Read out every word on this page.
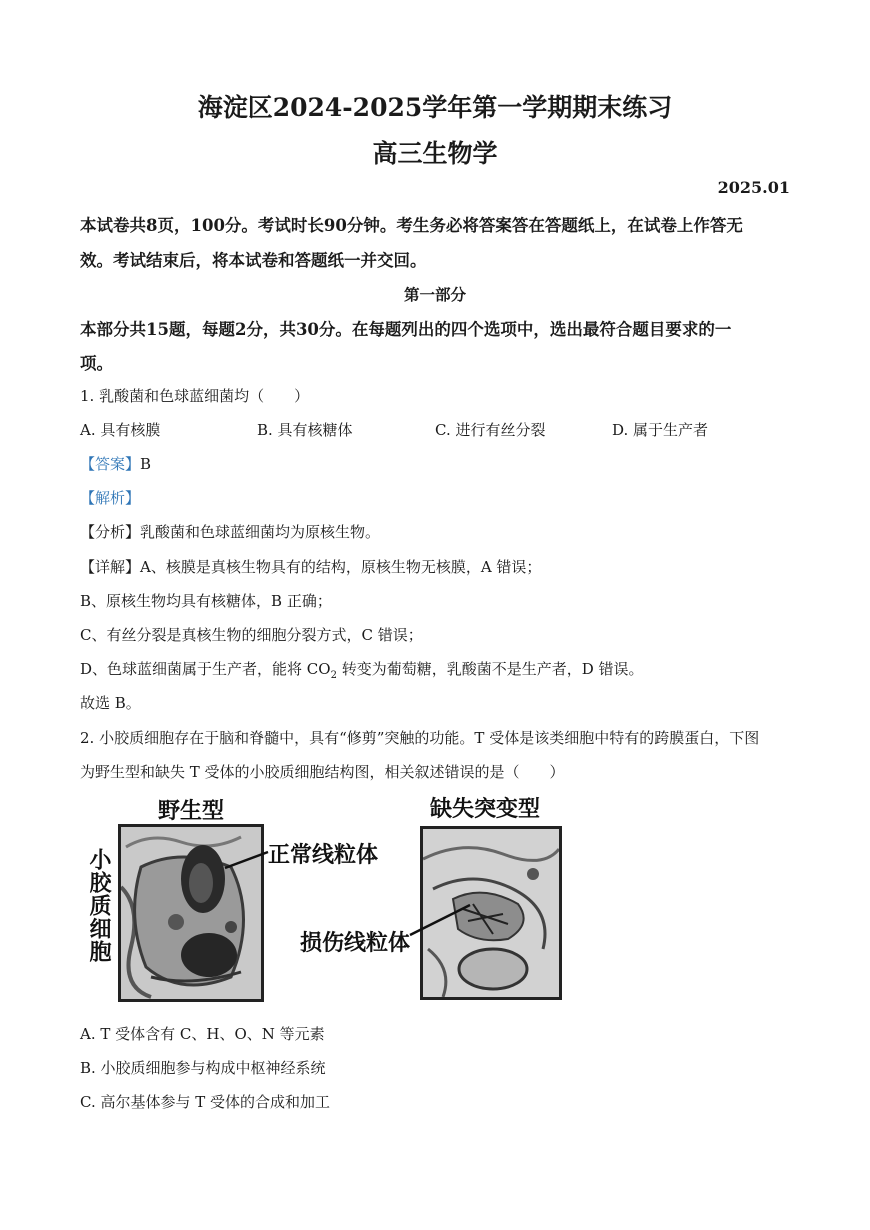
海淀区2024-2025学年第一学期期末练习
高三生物学
2025.01
本试卷共8页，100分。考试时长90分钟。考生务必将答案答在答题纸上，在试卷上作答无
效。考试结束后，将本试卷和答题纸一并交回。
第一部分
本部分共15题，每题2分，共30分。在每题列出的四个选项中，选出最符合题目要求的一
项。
1. 乳酸菌和色球蓝细菌均（　　）
A. 具有核膜	B. 具有核糖体	C. 进行有丝分裂	D. 属于生产者
【答案】B
【解析】
【分析】乳酸菌和色球蓝细菌均为原核生物。
【详解】A、核膜是真核生物具有的结构，原核生物无核膜，A 错误；
B、原核生物均具有核糖体，B 正确；
C、有丝分裂是真核生物的细胞分裂方式，C 错误；
D、色球蓝细菌属于生产者，能将 $CO_2$ 转变为葡萄糖，乳酸菌不是生产者，D 错误。
故选 B。
2. 小胶质细胞存在于脑和脊髓中，具有“修剪”突触的功能。T 受体是该类细胞中特有的跨膜蛋白，下图
为野生型和缺失 T 受体的小胶质细胞结构图，相关叙述错误的是（　　）
野生型	缺失突变型
小胶质细胞	正常线粒体
损伤线粒体
A. T 受体含有 C、H、O、N 等元素
B. 小胶质细胞参与构成中枢神经系统
C. 高尔基体参与 T 受体的合成和加工
